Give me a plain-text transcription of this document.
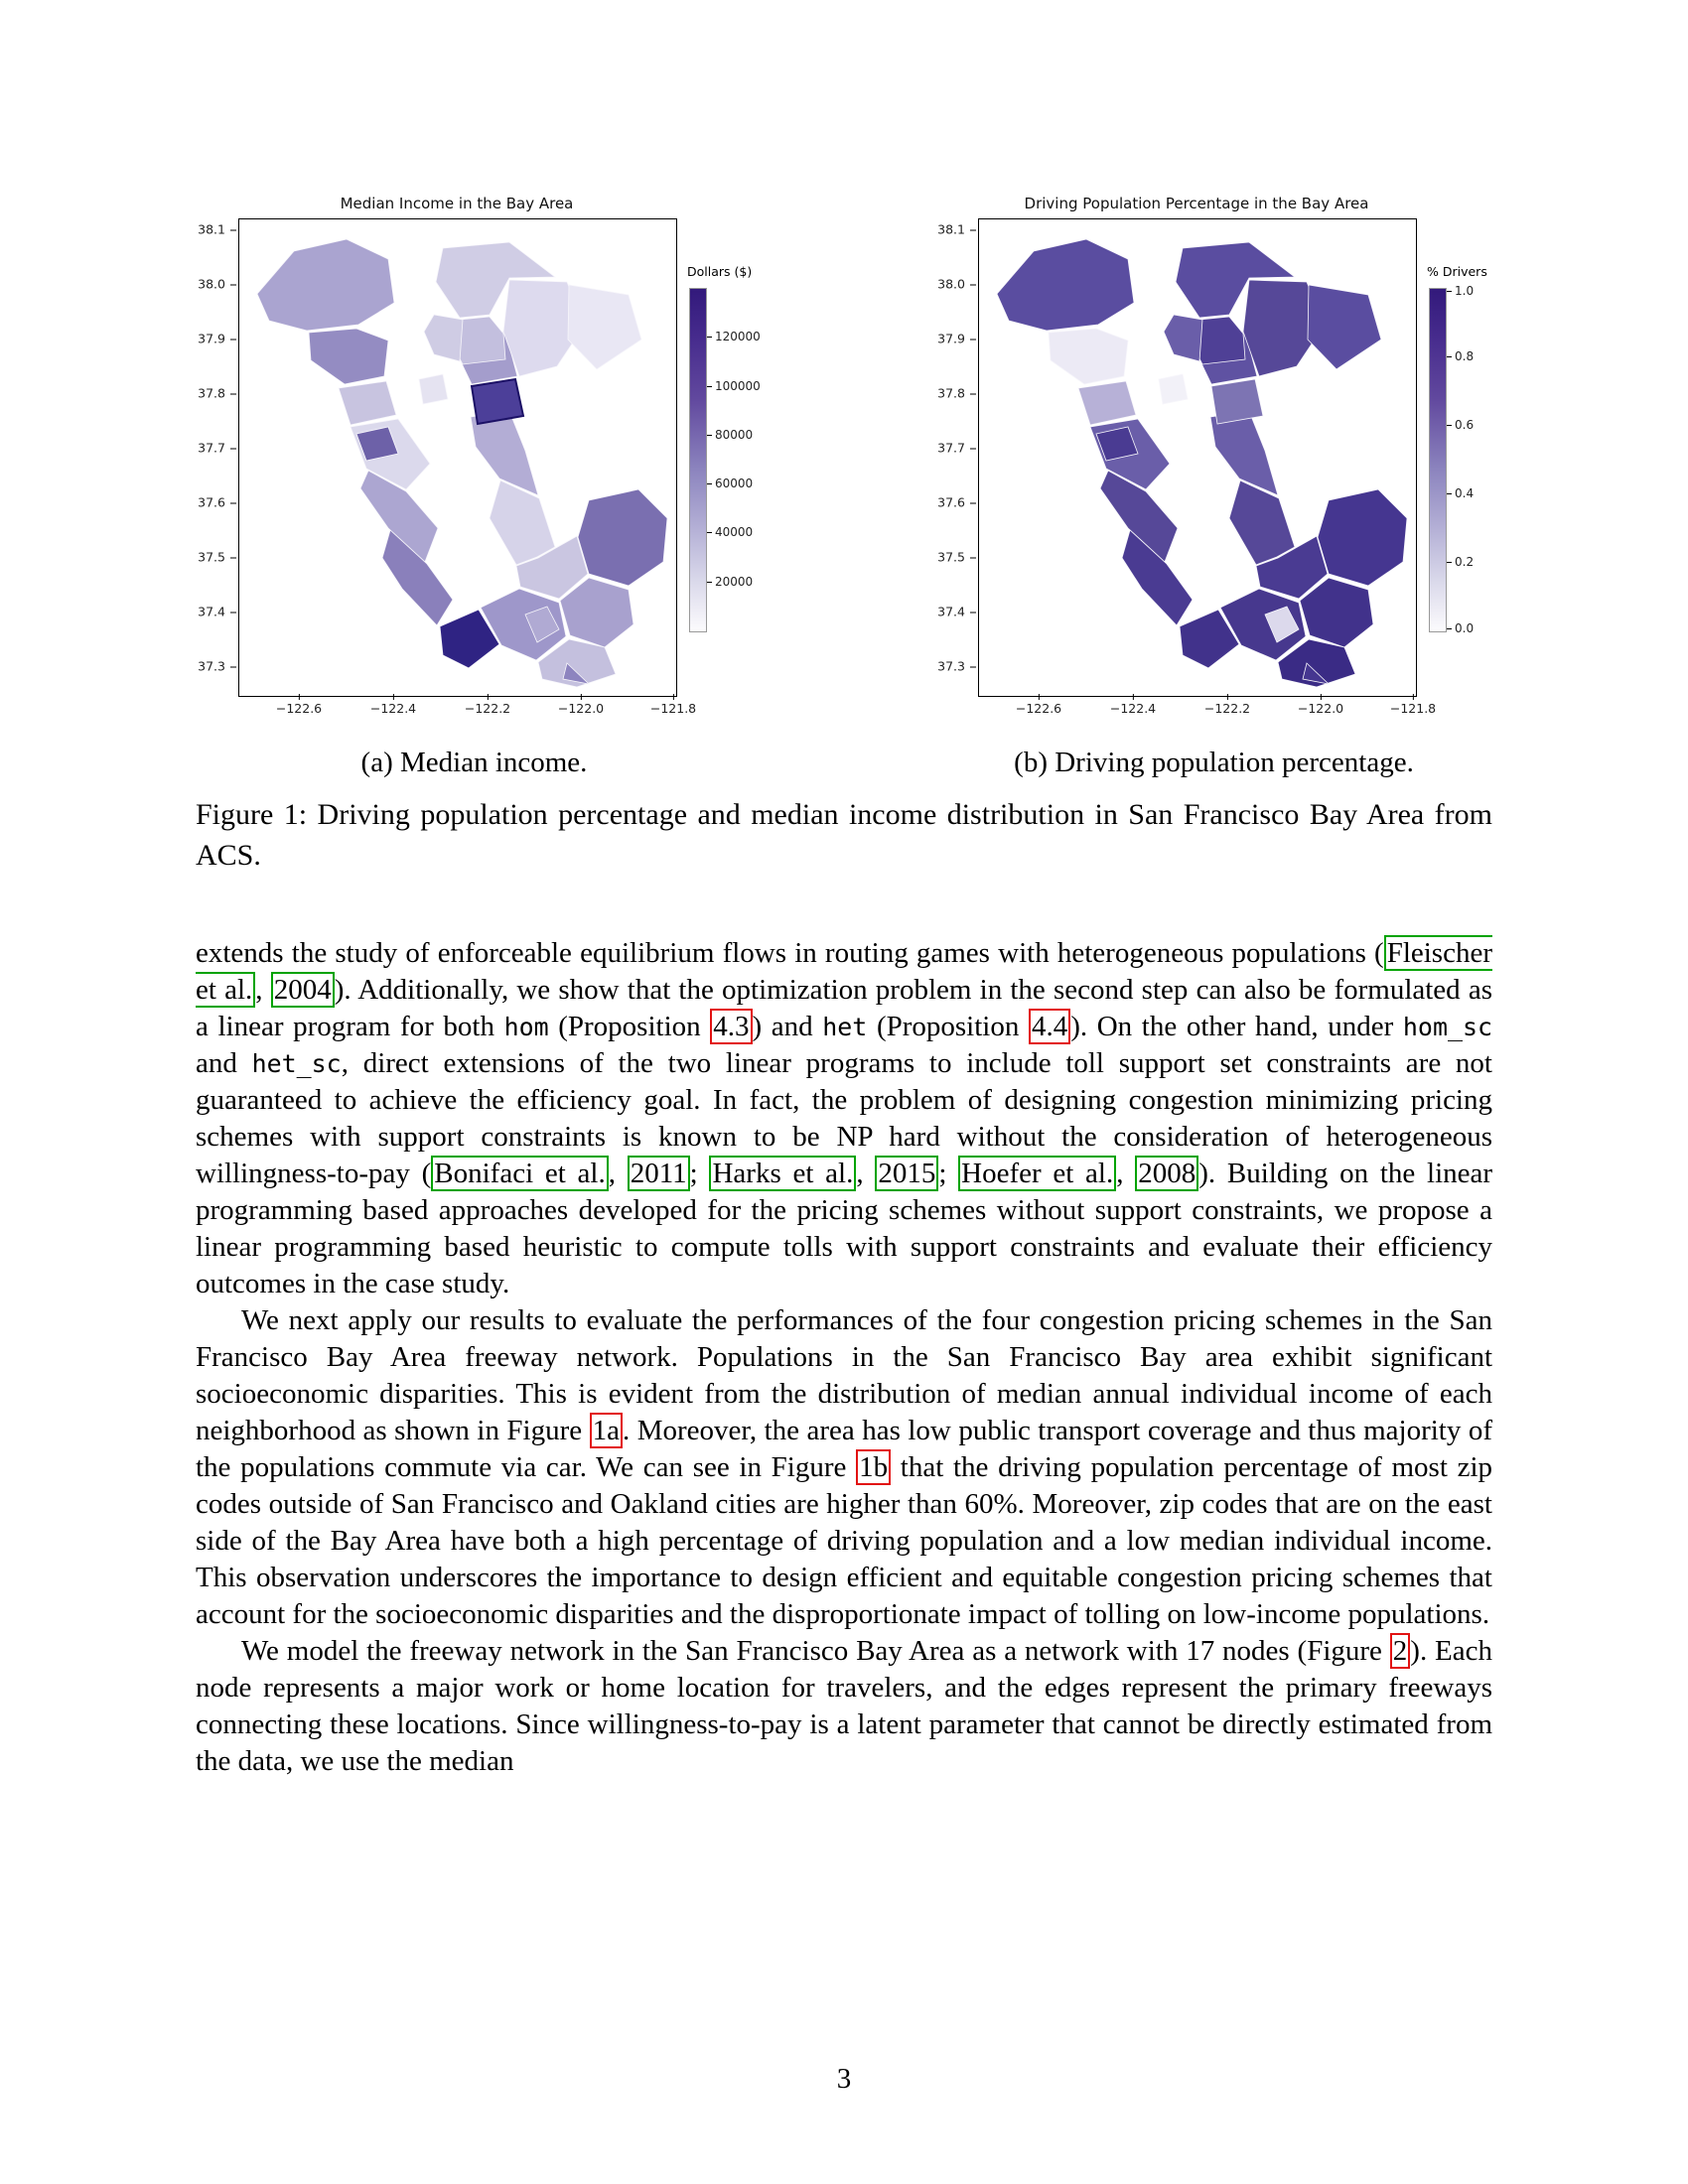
Median Income in the Bay Area
38.1
38.0
37.9
37.8
37.7
37.6
37.5
37.4
37.3
−122.6	−122.4	−122.2	−122.0	−121.8
Dollars ($)
120000
100000
80000
60000
40000
20000
(a) Median income.
Driving Population Percentage in the Bay Area
38.1
38.0
37.9
37.8
37.7
37.6
37.5
37.4
37.3
−122.6	−122.4	−122.2	−122.0	−121.8
% Drivers
1.0
0.8
0.6
0.4
0.2
0.0
(b) Driving population percentage.
Figure 1: Driving population percentage and median income distribution in San Francisco Bay Area from ACS.

extends the study of enforceable equilibrium flows in routing games with heterogeneous populations ( Fleischer et al. , 2004 ). Additionally, we show that the optimization problem in the second step can also be formulated as a linear program for both hom (Proposition 4.3 ) and het (Proposition 4.4 ). On the other hand, under hom_sc and het_sc, direct extensions of the two linear programs to include toll support set constraints are not guaranteed to achieve the efficiency goal. In fact, the problem of designing congestion minimizing pricing schemes with support constraints is known to be NP hard without the consideration of heterogeneous willingness-to-pay ( Bonifaci et al. , 2011 ; Harks et al. , 2015 ; Hoefer et al. , 2008 ). Building on the linear programming based approaches developed for the pricing schemes without support constraints, we propose a linear programming based heuristic to compute tolls with support constraints and evaluate their efficiency outcomes in the case study.

We next apply our results to evaluate the performances of the four congestion pricing schemes in the San Francisco Bay Area freeway network. Populations in the San Francisco Bay area exhibit significant socioeconomic disparities. This is evident from the distribution of median annual individual income of each neighborhood as shown in Figure 1a . Moreover, the area has low public transport coverage and thus majority of the populations commute via car. We can see in Figure 1b that the driving population percentage of most zip codes outside of San Francisco and Oakland cities are higher than 60%. Moreover, zip codes that are on the east side of the Bay Area have both a high percentage of driving population and a low median individual income. This observation underscores the importance to design efficient and equitable congestion pricing schemes that account for the socioeconomic disparities and the disproportionate impact of tolling on low-income populations.

We model the freeway network in the San Francisco Bay Area as a network with 17 nodes (Figure 2 ). Each node represents a major work or home location for travelers, and the edges represent the primary freeways connecting these locations. Since willingness-to-pay is a latent parameter that cannot be directly estimated from the data, we use the median

3
